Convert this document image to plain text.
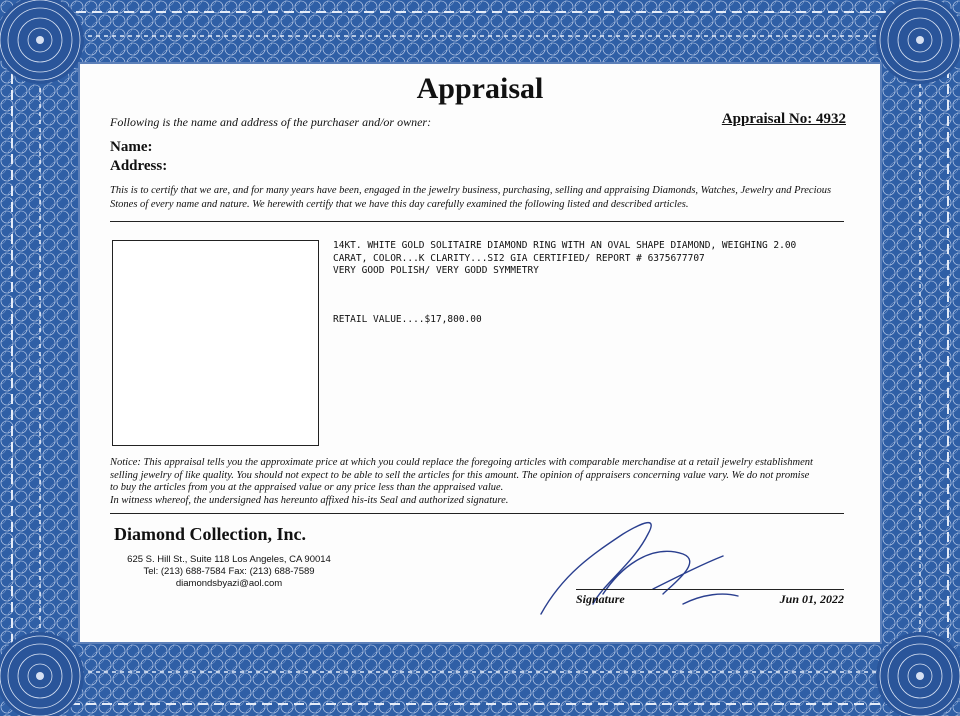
Appraisal
Following is the name and address of the purchaser and/or owner:	Appraisal No: 4932
Name:
Address:
This is to certify that we are, and for many years have been, engaged in the jewelry business, purchasing, selling and appraising Diamonds, Watches, Jewelry and Precious Stones of every name and nature. We herewith certify that we have this day carefully examined the following listed and described articles.
14KT. WHITE GOLD SOLITAIRE DIAMOND RING WITH AN OVAL SHAPE DIAMOND, WEIGHING 2.00
CARAT, COLOR...K CLARITY...SI2 GIA CERTIFIED/ REPORT # 6375677707
VERY GOOD POLISH/ VERY GODD SYMMETRY
RETAIL VALUE....$17,800.00
Notice: This appraisal tells you the approximate price at which you could replace the foregoing articles with comparable merchandise at a retail jewelry establishment selling jewelry of like quality. You should not expect to be able to sell the articles for this amount. The opinion of appraisers concerning value vary. We do not promise to buy the articles from you at the appraised value or any price less than the appraised value.
In witness whereof, the undersigned has hereunto affixed his-its Seal and authorized signature.
Diamond Collection, Inc.
625 S. Hill St., Suite 118 Los Angeles, CA 90014
Tel: (213) 688-7584 Fax: (213) 688-7589
diamondsbyazi@aol.com
Signature	Jun 01, 2022
